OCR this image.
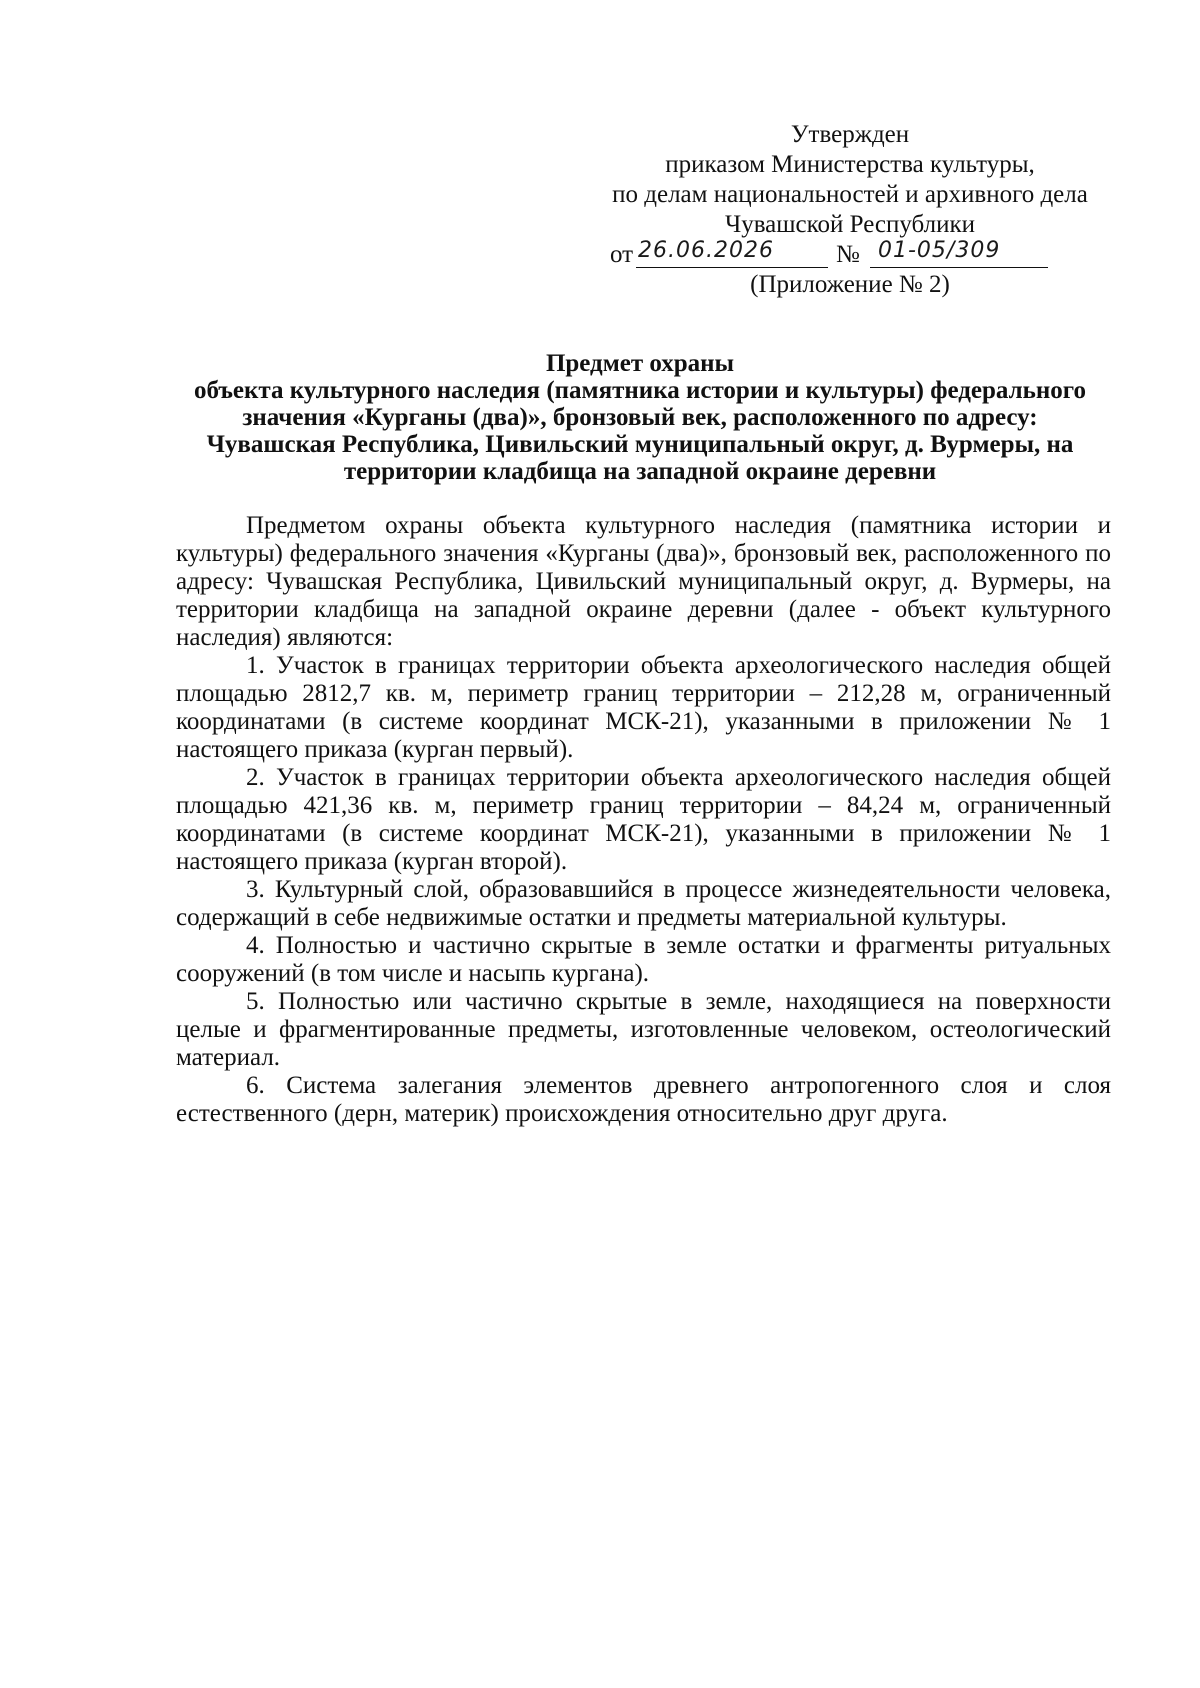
Утвержден
приказом Министерства культуры,
по делам национальностей и архивного дела
Чувашской Республики
от 26.06.2026 № 01-05/309
(Приложение № 2)
Предмет охраны
объекта культурного наследия (памятника истории и культуры) федерального
значения «Курганы (два)», бронзовый век, расположенного по адресу:
Чувашская Республика, Цивильский муниципальный округ, д. Вурмеры, на
территории кладбища на западной окраине деревни

Предметом охраны объекта культурного наследия (памятника истории и культуры) федерального значения «Курганы (два)», бронзовый век, расположенного по адресу: Чувашская Республика, Цивильский муниципальный округ, д. Вурмеры, на территории кладбища на западной окраине деревни (далее - объект культурного наследия) являются:

1. Участок в границах территории объекта археологического наследия общей площадью 2812,7 кв. м, периметр границ территории – 212,28 м, ограниченный координатами (в системе координат МСК-21), указанными в приложении № 1 настоящего приказа (курган первый).

2. Участок в границах территории объекта археологического наследия общей площадью 421,36 кв. м, периметр границ территории – 84,24 м, ограниченный координатами (в системе координат МСК-21), указанными в приложении № 1 настоящего приказа (курган второй).

3. Культурный слой, образовавшийся в процессе жизнедеятельности человека, содержащий в себе недвижимые остатки и предметы материальной культуры.

4. Полностью и частично скрытые в земле остатки и фрагменты ритуальных сооружений (в том числе и насыпь кургана).

5. Полностью или частично скрытые в земле, находящиеся на поверхности целые и фрагментированные предметы, изготовленные человеком, остеологический материал.

6. Система залегания элементов древнего антропогенного слоя и слоя естественного (дерн, материк) происхождения относительно друг друга.
